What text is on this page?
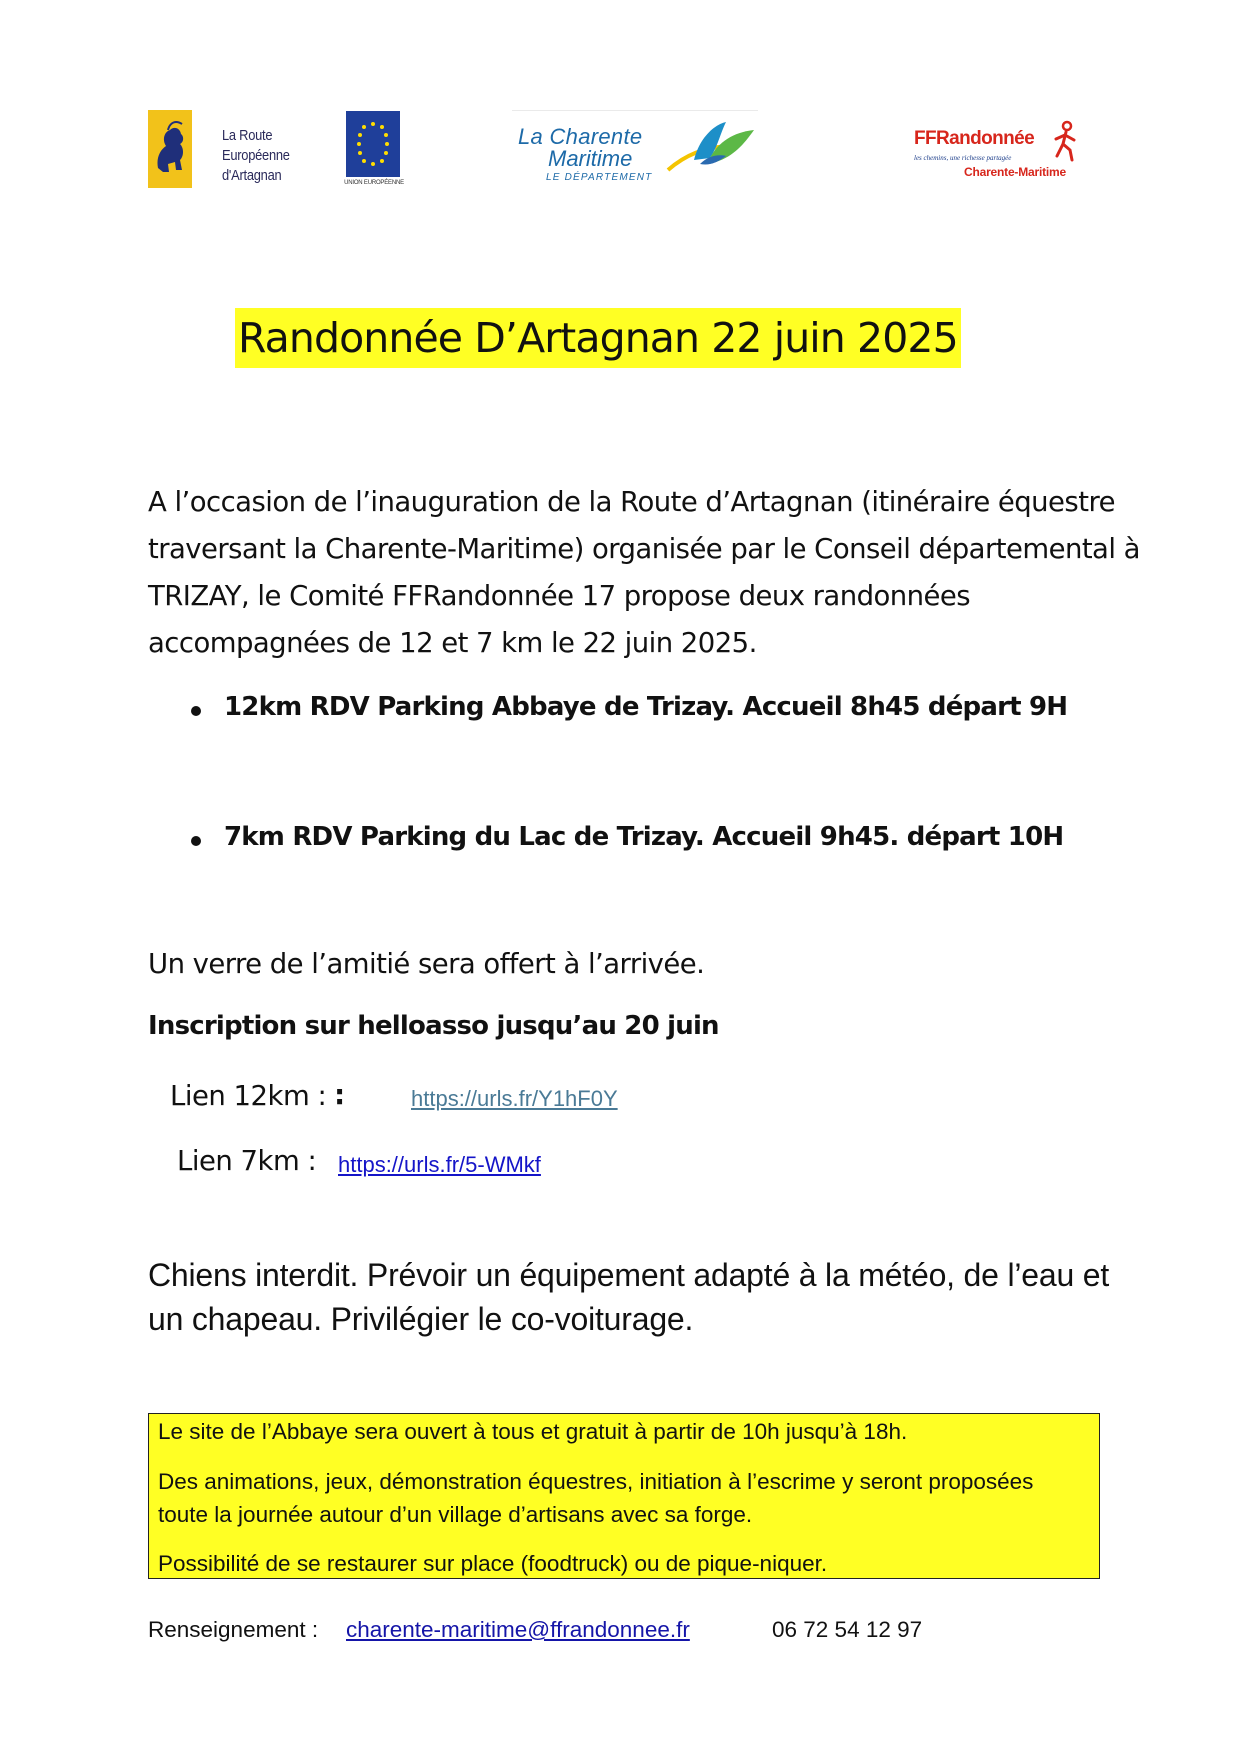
La Route Européenne
d'Artagnan	UNION EUROPÉENNE
La Charente
Maritime
LE DÉPARTEMENT
FFRandonnée
les chemins, une richesse partagée
Charente-Maritime
Randonnée D’Artagnan 22 juin 2025
A l’occasion de l’inauguration de la Route d’Artagnan (itinéraire équestre traversant la Charente-Maritime) organisée par le Conseil départemental à TRIZAY, le Comité FFRandonnée 17 propose deux randonnées accompagnées de 12 et 7 km le 22 juin 2025.
12km RDV Parking Abbaye de Trizay. Accueil 8h45 départ 9H
7km RDV Parking du Lac de Trizay. Accueil 9h45. départ 10H
Un verre de l’amitié sera offert à l’arrivée.
Inscription sur helloasso jusqu’au 20 juin
Lien 12km : :	https://urls.fr/Y1hF0Y
Lien 7km : https://urls.fr/5-WMkf
Chiens interdit. Prévoir un équipement adapté à la météo, de l’eau et un chapeau. Privilégier le co-voiturage.
Le site de l’Abbaye sera ouvert à tous et gratuit à partir de 10h jusqu’à 18h.
Des animations, jeux, démonstration équestres, initiation à l’escrime y seront proposées toute la journée autour d’un village d’artisans avec sa forge.
Possibilité de se restaurer sur place (foodtruck) ou de pique-niquer.
Renseignement : charente-maritime@ffrandonnee.fr	06 72 54 12 97
